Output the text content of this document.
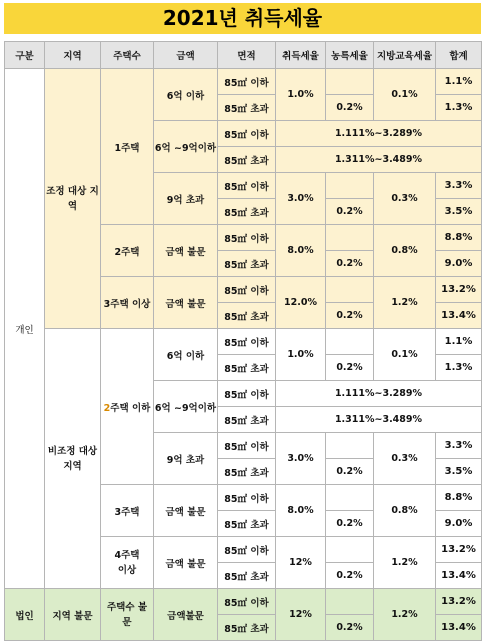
2021년 취득세율
구분	지역	주택수	금액	면적	취득세율	농특세율	지방교육세율	합계
개인	조정 대상 지역	1주택	6억 이하	85㎡ 이하	1.0%		0.1%	1.1%
				85㎡ 초과		0.2%		1.3%
			6억 ~9억이하	85㎡ 이하	1.111%~3.289%			
				85㎡ 초과	1.311%~3.489%			
			9억 초과	85㎡ 이하	3.0%		0.3%	3.3%
				85㎡ 초과		0.2%		3.5%
		2주택	금액 불문	85㎡ 이하	8.0%		0.8%	8.8%
				85㎡ 초과		0.2%		9.0%
		3주택 이상	금액 불문	85㎡ 이하	12.0%		1.2%	13.2%
				85㎡ 초과		0.2%		13.4%
	비조정 대상지역	2주택 이하	6억 이하	85㎡ 이하	1.0%		0.1%	1.1%
				85㎡ 초과		0.2%		1.3%
			6억 ~9억이하	85㎡ 이하	1.111%~3.289%			
				85㎡ 초과	1.311%~3.489%			
			9억 초과	85㎡ 이하	3.0%		0.3%	3.3%
				85㎡ 초과		0.2%		3.5%
		3주택	금액 불문	85㎡ 이하	8.0%		0.8%	8.8%
				85㎡ 초과		0.2%		9.0%
		4주택 이상	금액 불문	85㎡ 이하	12%		1.2%	13.2%
				85㎡ 초과		0.2%		13.4%
법인	지역 불문	주택수 불문	금액불문	85㎡ 이하	12%		1.2%	13.2%
				85㎡ 초과		0.2%		13.4%
